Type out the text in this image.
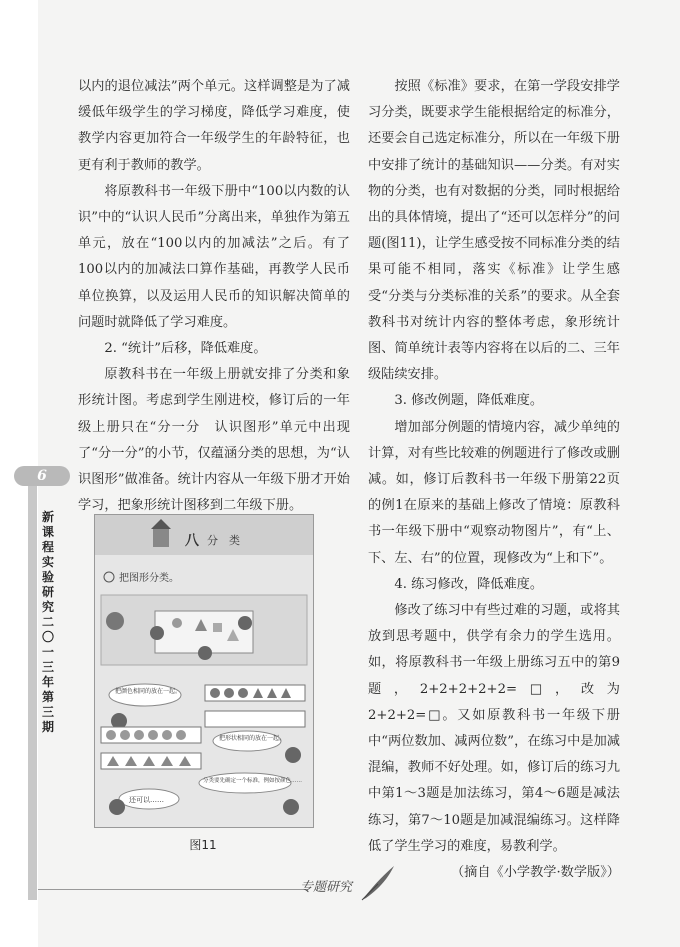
6
新课程实验研究　二〇一三年　第三期

以内的退位减法”两个单元。这样调整是为了减缓低年级学生的学习梯度，降低学习难度，使教学内容更加符合一年级学生的年龄特征，也更有利于教师的教学。

将原教科书一年级下册中“100以内数的认识”中的“认识人民币”分离出来，单独作为第五单元，放在“100以内的加减法”之后。有了100以内的加减法口算作基础，再教学人民币单位换算，以及运用人民币的知识解决简单的问题时就降低了学习难度。

2. “统计”后移，降低难度。

原教科书在一年级上册就安排了分类和象形统计图。考虑到学生刚进校，修订后的一年级上册只在“分一分　认识图形”单元中出现了“分一分”的小节，仅蕴涵分类的思想，为“认识图形”做准备。统计内容从一年级下册才开始学习，把象形统计图移到二年级下册。

按照《标准》要求，在第一学段安排学习分类，既要求学生能根据给定的标准分，还要会自己选定标准分，所以在一年级下册中安排了统计的基础知识——分类。有对实物的分类，也有对数据的分类，同时根据给出的具体情境，提出了“还可以怎样分”的问题(图11)，让学生感受按不同标准分类的结果可能不相同，落实《标准》让学生感受“分类与分类标准的关系”的要求。从全套教科书对统计内容的整体考虑，象形统计图、简单统计表等内容将在以后的二、三年级陆续安排。

3. 修改例题，降低难度。

增加部分例题的情境内容，减少单纯的计算，对有些比较难的例题进行了修改或删减。如，修订后教科书一年级下册第22页的例1在原来的基础上修改了情境：原教科书一年级下册中“观察动物图片”，有“上、下、左、右”的位置，现修改为“上和下”。

4. 练习修改，降低难度。

修改了练习中有些过难的习题，或将其放到思考题中，供学有余力的学生选用。如，将原教科书一年级上册练习五中的第9题，2+2+2+2+2=□，改为2+2+2=□。又如原教科书一年级下册中“两位数加、减两位数”，在练习中是加减混编，教师不好处理。如，修订后的练习九中第1～3题是加法练习，第4～6题是减法练习，第7～10题是加减混编练习。这样降低了学生学习的难度，易教利学。

（摘自《小学教学·数学版》）

八 分　类
把图形分类。
把颜色相同的放在一起。
把形状相同的放在一起。
分类要先确定一个标准，例如按颜色……
还可以……
图11
专题研究
